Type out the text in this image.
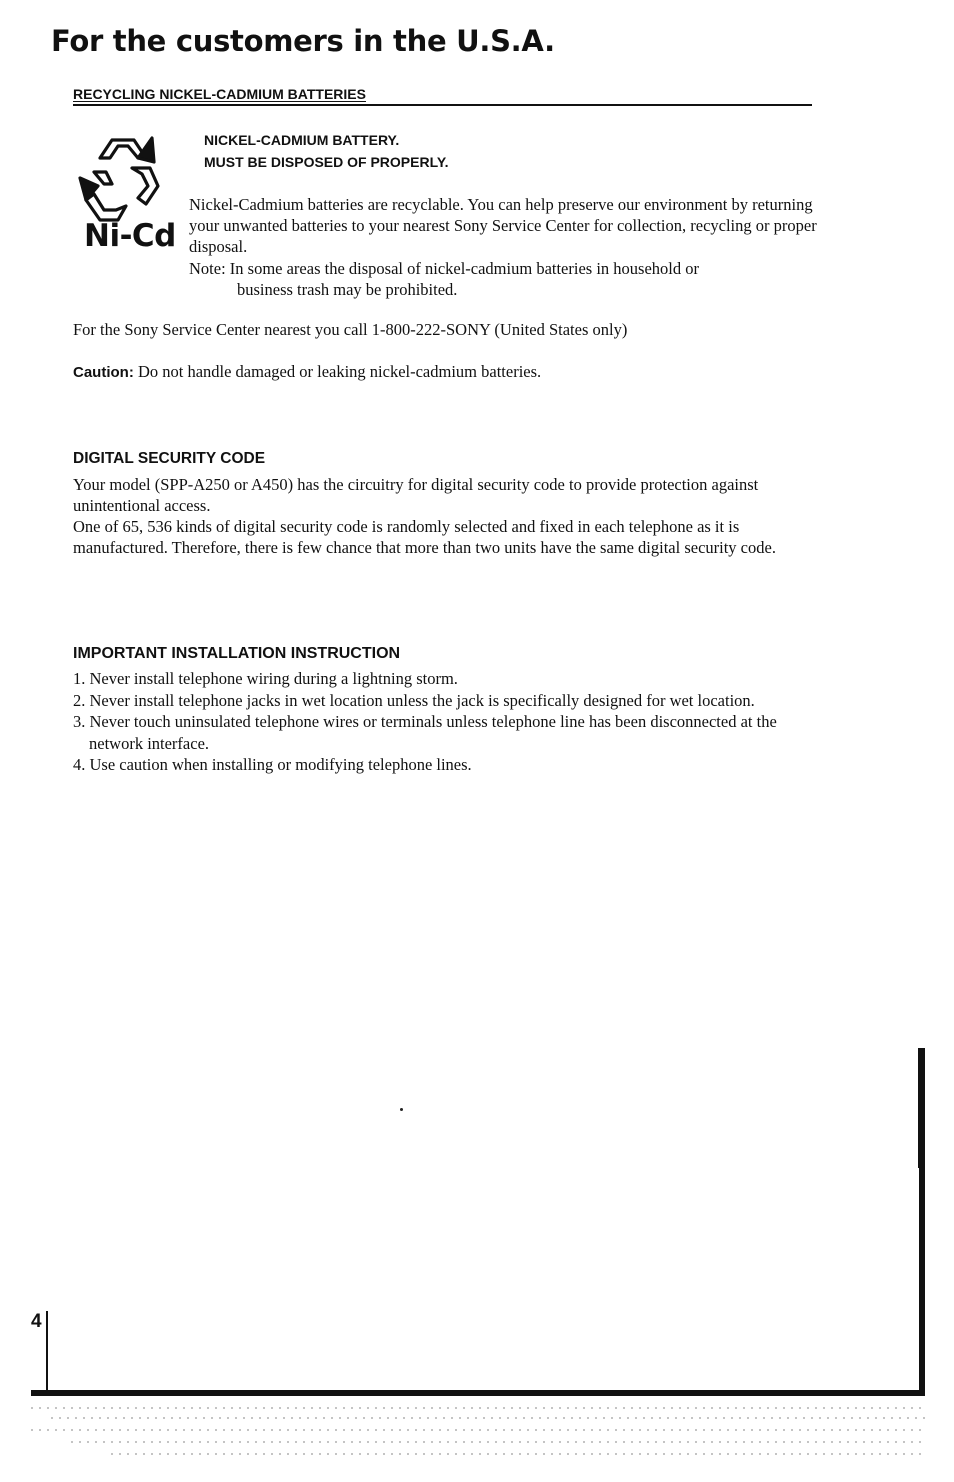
For the customers in the U.S.A.
RECYCLING NICKEL-CADMIUM BATTERIES
Ni-Cd
NICKEL-CADMIUM BATTERY.
MUST BE DISPOSED OF PROPERLY.
Nickel-Cadmium batteries are recyclable. You can help preserve our environment by returning your unwanted batteries to your nearest Sony Service Center for collection, recycling or proper disposal.
Note: In some areas the disposal of nickel-cadmium batteries in household or
business trash may be prohibited.
For the Sony Service Center nearest you call 1-800-222-SONY (United States only)
Caution: Do not handle damaged or leaking nickel-cadmium batteries.
DIGITAL SECURITY CODE
Your model (SPP-A250 or A450) has the circuitry for digital security code to provide protection against unintentional access.
One of 65, 536 kinds of digital security code is randomly selected and fixed in each telephone as it is manufactured. Therefore, there is few chance that more than two units have the same digital security code.
IMPORTANT INSTALLATION INSTRUCTION
1. Never install telephone wiring during a lightning storm.
2. Never install telephone jacks in wet location unless the jack is specifically designed for wet location.
3. Never touch uninsulated telephone wires or terminals unless telephone line has been disconnected at the network interface.
4. Use caution when installing or modifying telephone lines.
4
